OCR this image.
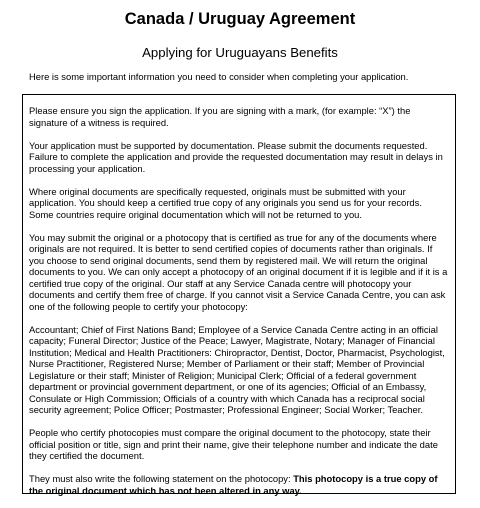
Canada / Uruguay Agreement
Applying for Uruguayans Benefits
Here is some important information you need to consider when completing your application.
Please ensure you sign the application. If you are signing with a mark, (for example: “X”) the
signature of a witness is required.
Your application must be supported by documentation. Please submit the documents requested.
Failure to complete the application and provide the requested documentation may result in delays in
processing your application.
Where original documents are specifically requested, originals must be submitted with your
application. You should keep a certified true copy of any originals you send us for your records.
Some countries require original documentation which will not be returned to you.
You may submit the original or a photocopy that is certified as true for any of the documents where
originals are not required. It is better to send certified copies of documents rather than originals. If
you choose to send original documents, send them by registered mail. We will return the original
documents to you. We can only accept a photocopy of an original document if it is legible and if it is a
certified true copy of the original. Our staff at any Service Canada centre will photocopy your
documents and certify them free of charge. If you cannot visit a Service Canada Centre, you can ask
one of the following people to certify your photocopy:
Accountant; Chief of First Nations Band; Employee of a Service Canada Centre acting in an official
capacity; Funeral Director; Justice of the Peace; Lawyer, Magistrate, Notary; Manager of Financial
Institution; Medical and Health Practitioners: Chiropractor, Dentist, Doctor, Pharmacist, Psychologist,
Nurse Practitioner, Registered Nurse; Member of Parliament or their staff; Member of Provincial
Legislature or their staff; Minister of Religion; Municipal Clerk; Official of a federal government
department or provincial government department, or one of its agencies; Official of an Embassy,
Consulate or High Commission; Officials of a country with which Canada has a reciprocal social
security agreement; Police Officer; Postmaster; Professional Engineer; Social Worker; Teacher.
People who certify photocopies must compare the original document to the photocopy, state their
official position or title, sign and print their name, give their telephone number and indicate the date
they certified the document.
They must also write the following statement on the photocopy: This photocopy is a true copy of
the original document which has not been altered in any way.
